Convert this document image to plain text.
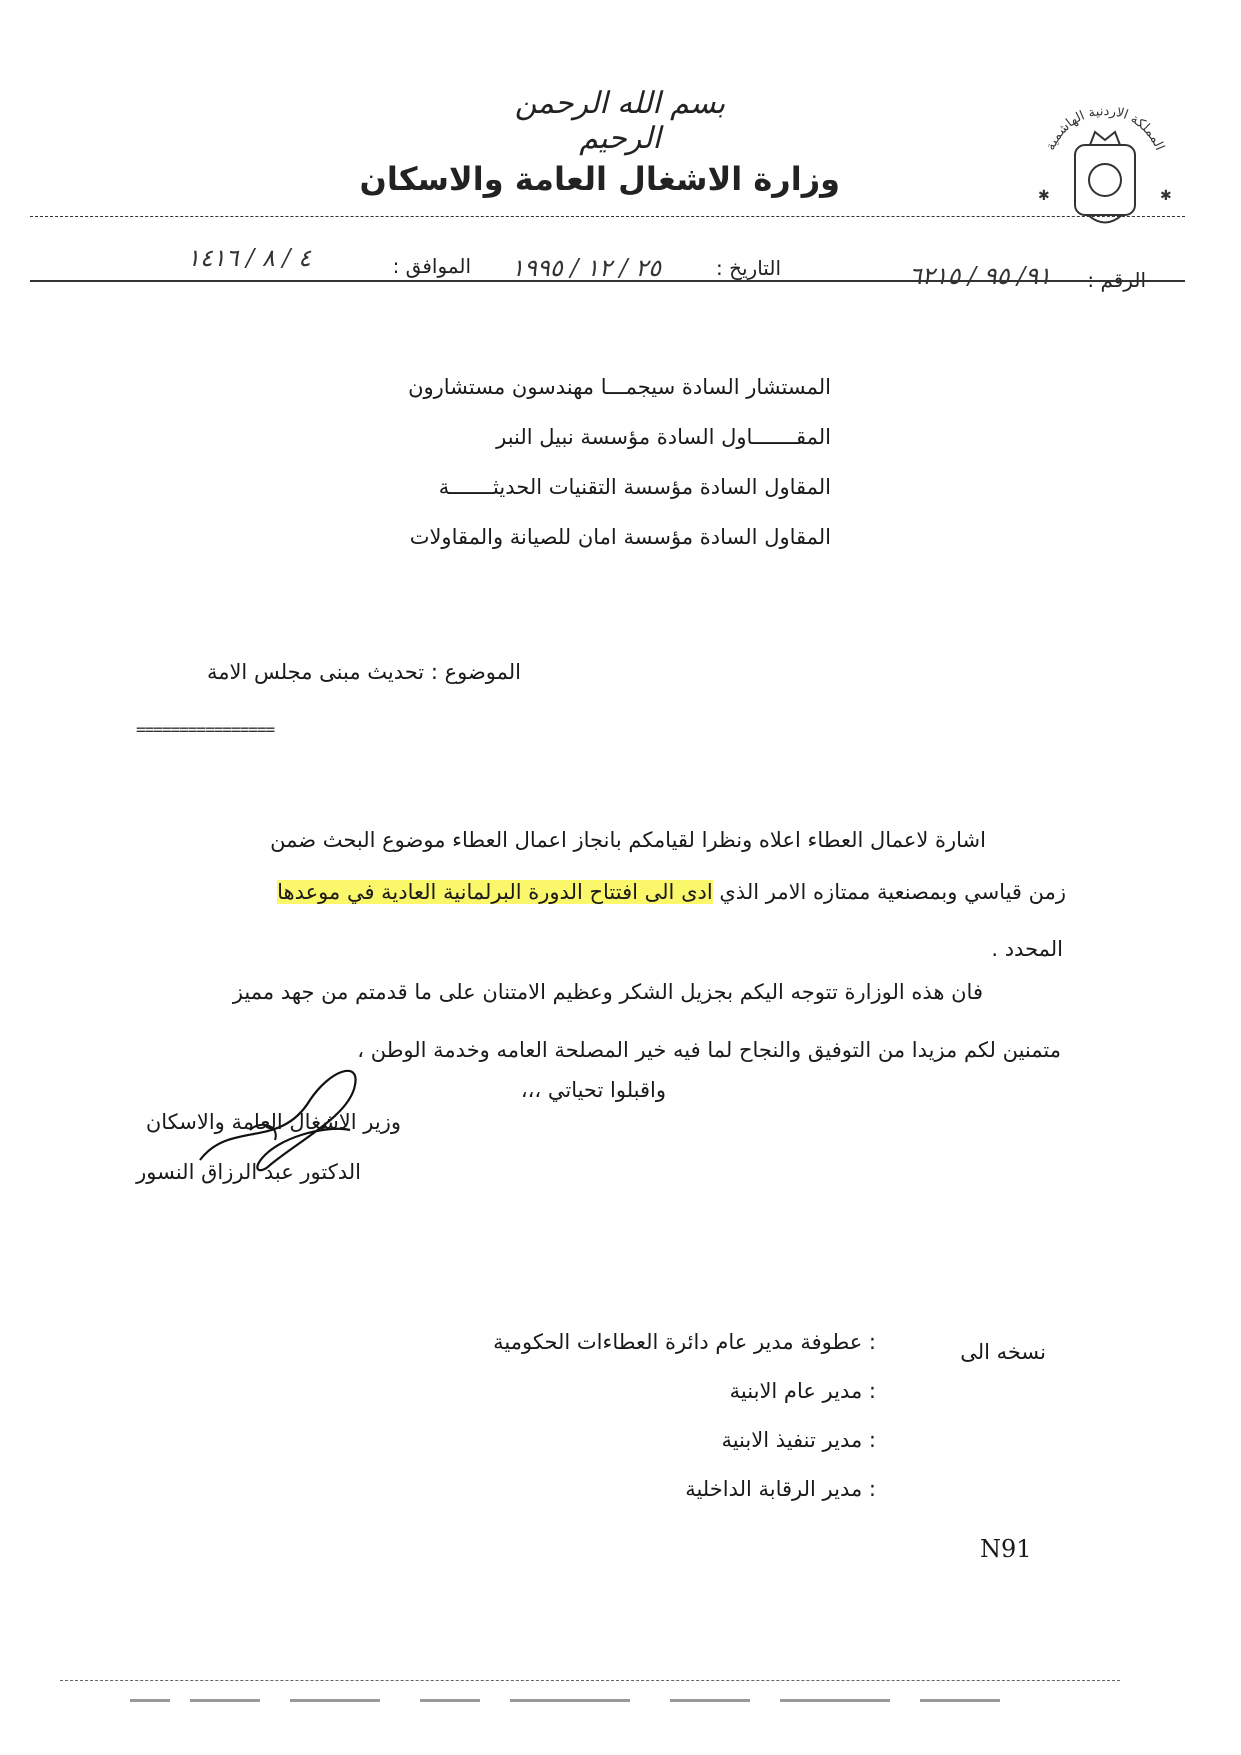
بسم الله الرحمن الرحيم
وزارة الاشغال العامة والاسكان
المملكة الاردنية الهاشمية
✱	✱
الرقم :
٩١/ ٩٥ / ٦٢١٥
التاريخ :
٢٥ / ١٢ / ١٩٩٥
الموافق :
٤ / ٨ / ١٤١٦
المستشار السادة سيجمـــا مهندسون مستشارون
المقـــــــاول السادة مؤسسة نبيل النبر
المقاول السادة مؤسسة التقنيات الحديثـــــــة
المقاول السادة مؤسسة امان للصيانة والمقاولات
الموضوع : تحديث مبنى مجلس الامة
================
اشارة لاعمال العطاء اعلاه ونظرا لقيامكم بانجاز اعمال العطاء موضوع البحث ضمن
زمن قياسي وبمصنعية ممتازه الامر الذي ادى الى افتتاح الدورة البرلمانية العادية في موعدها
المحدد .
فان هذه الوزارة تتوجه اليكم بجزيل الشكر وعظيم الامتنان على ما قدمتم من جهد مميز
متمنين لكم مزيدا من التوفيق والنجاح لما فيه خير المصلحة العامه وخدمة الوطن ،
واقبلوا تحياتي ،،،
وزير الاشغال العامة والاسكان
الدكتور عبد الرزاق النسور
نسخه الى
: عطوفة مدير عام دائرة العطاءات الحكومية
: مدير عام الابنية
: مدير تنفيذ الابنية
: مدير الرقابة الداخلية
N91
